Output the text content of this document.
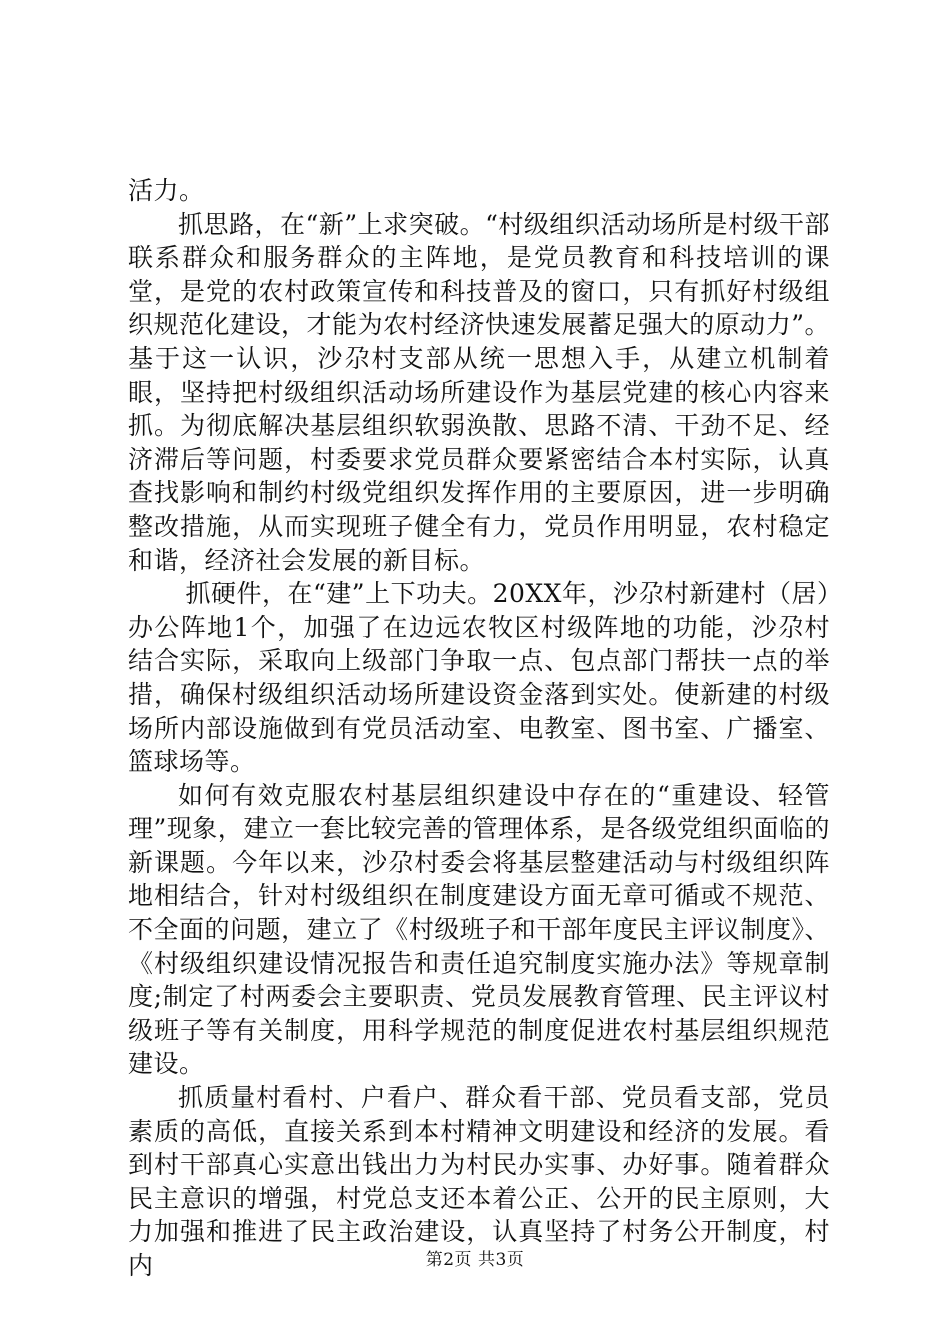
活力。

抓思路，在“新”上求突破。“村级组织活动场所是村级干部联系群众和服务群众的主阵地，是党员教育和科技培训的课堂，是党的农村政策宣传和科技普及的窗口，只有抓好村级组织规范化建设，才能为农村经济快速发展蓄足强大的原动力”。基于这一认识，沙尕村支部从统一思想入手，从建立机制着眼，坚持把村级组织活动场所建设作为基层党建的核心内容来抓。为彻底解决基层组织软弱涣散、思路不清、干劲不足、经济滞后等问题，村委要求党员群众要紧密结合本村实际，认真查找影响和制约村级党组织发挥作用的主要原因，进一步明确整改措施，从而实现班子健全有力，党员作用明显，农村稳定和谐，经济社会发展的新目标。

抓硬件，在“建”上下功夫。20XX年，沙尕村新建村（居）办公阵地1个，加强了在边远农牧区村级阵地的功能，沙尕村结合实际，采取向上级部门争取一点、包点部门帮扶一点的举措，确保村级组织活动场所建设资金落到实处。使新建的村级场所内部设施做到有党员活动室、电教室、图书室、广播室、篮球场等。

如何有效克服农村基层组织建设中存在的“重建设、轻管理”现象，建立一套比较完善的管理体系，是各级党组织面临的新课题。今年以来，沙尕村委会将基层整建活动与村级组织阵地相结合，针对村级组织在制度建设方面无章可循或不规范、不全面的问题，建立了《村级班子和干部年度民主评议制度》、《村级组织建设情况报告和责任追究制度实施办法》等规章制度;制定了村两委会主要职责、党员发展教育管理、民主评议村级班子等有关制度，用科学规范的制度促进农村基层组织规范建设。

抓质量村看村、户看户、群众看干部、党员看支部，党员素质的高低，直接关系到本村精神文明建设和经济的发展。看到村干部真心实意出钱出力为村民办实事、办好事。随着群众民主意识的增强，村党总支还本着公正、公开的民主原则，大力加强和推进了民主政治建设，认真坚持了村务公开制度，村内	第2页 共3页
